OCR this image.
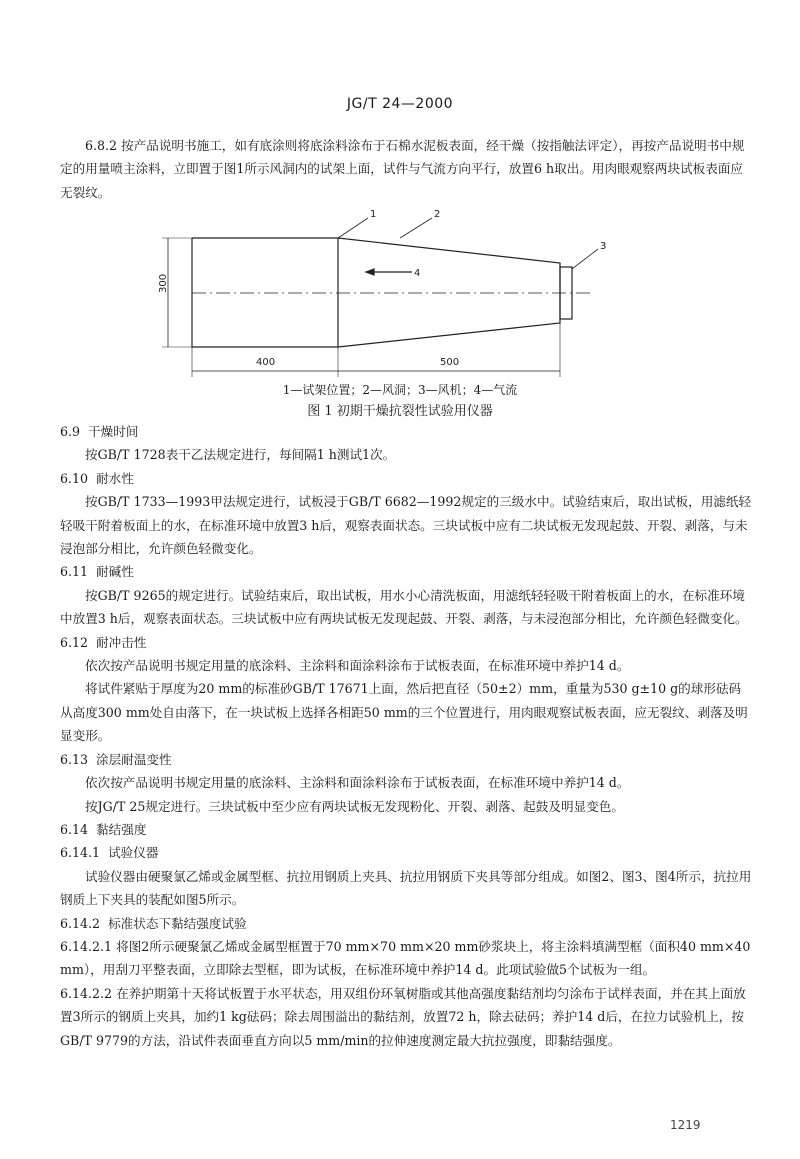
JG/T 24—2000

6.8.2 按产品说明书施工，如有底涂则将底涂料涂布于石棉水泥板表面，经干燥（按指触法评定），再按产品说明书中规定的用量喷主涂料，立即置于图1所示风洞内的试架上面，试件与气流方向平行，放置6 h取出。用肉眼观察两块试板表面应无裂纹。

300
400	500
1	2
3
4
1—试架位置；2—风洞；3—风机；4—气流
图 1 初期干燥抗裂性试验用仪器

6.9 干燥时间

按GB/T 1728表干乙法规定进行，每间隔1 h测试1次。

6.10 耐水性

按GB/T 1733—1993甲法规定进行，试板浸于GB/T 6682—1992规定的三级水中。试验结束后，取出试板，用滤纸轻轻吸干附着板面上的水，在标准环境中放置3 h后，观察表面状态。三块试板中应有二块试板无发现起鼓、开裂、剥落，与未浸泡部分相比，允许颜色轻微变化。

6.11 耐碱性

按GB/T 9265的规定进行。试验结束后，取出试板，用水小心清洗板面，用滤纸轻轻吸干附着板面上的水，在标准环境中放置3 h后，观察表面状态。三块试板中应有两块试板无发现起鼓、开裂、剥落，与未浸泡部分相比，允许颜色轻微变化。

6.12 耐冲击性

依次按产品说明书规定用量的底涂料、主涂料和面涂料涂布于试板表面，在标准环境中养护14 d。

将试件紧贴于厚度为20 mm的标准砂GB/T 17671上面，然后把直径（50±2）mm，重量为530 g±10 g的球形砝码从高度300 mm处自由落下，在一块试板上选择各相距50 mm的三个位置进行，用肉眼观察试板表面，应无裂纹、剥落及明显变形。

6.13 涂层耐温变性

依次按产品说明书规定用量的底涂料、主涂料和面涂料涂布于试板表面，在标准环境中养护14 d。

按JG/T 25规定进行。三块试板中至少应有两块试板无发现粉化、开裂、剥落、起鼓及明显变色。

6.14 黏结强度

6.14.1 试验仪器

试验仪器由硬聚氯乙烯或金属型框、抗拉用钢质上夹具、抗拉用钢质下夹具等部分组成。如图2、图3、图4所示，抗拉用钢质上下夹具的装配如图5所示。

6.14.2 标准状态下黏结强度试验

6.14.2.1 将图2所示硬聚氯乙烯或金属型框置于70 mm×70 mm×20 mm砂浆块上，将主涂料填满型框（面积40 mm×40 mm），用刮刀平整表面，立即除去型框，即为试板，在标准环境中养护14 d。此项试验做5个试板为一组。

6.14.2.2 在养护期第十天将试板置于水平状态，用双组份环氧树脂或其他高强度黏结剂均匀涂布于试样表面，并在其上面放置3所示的钢质上夹具，加约1 kg砝码；除去周围溢出的黏结剂，放置72 h，除去砝码；养护14 d后，在拉力试验机上，按GB/T 9779的方法，沿试件表面垂直方向以5 mm/min的拉伸速度测定最大抗拉强度，即黏结强度。

1219
